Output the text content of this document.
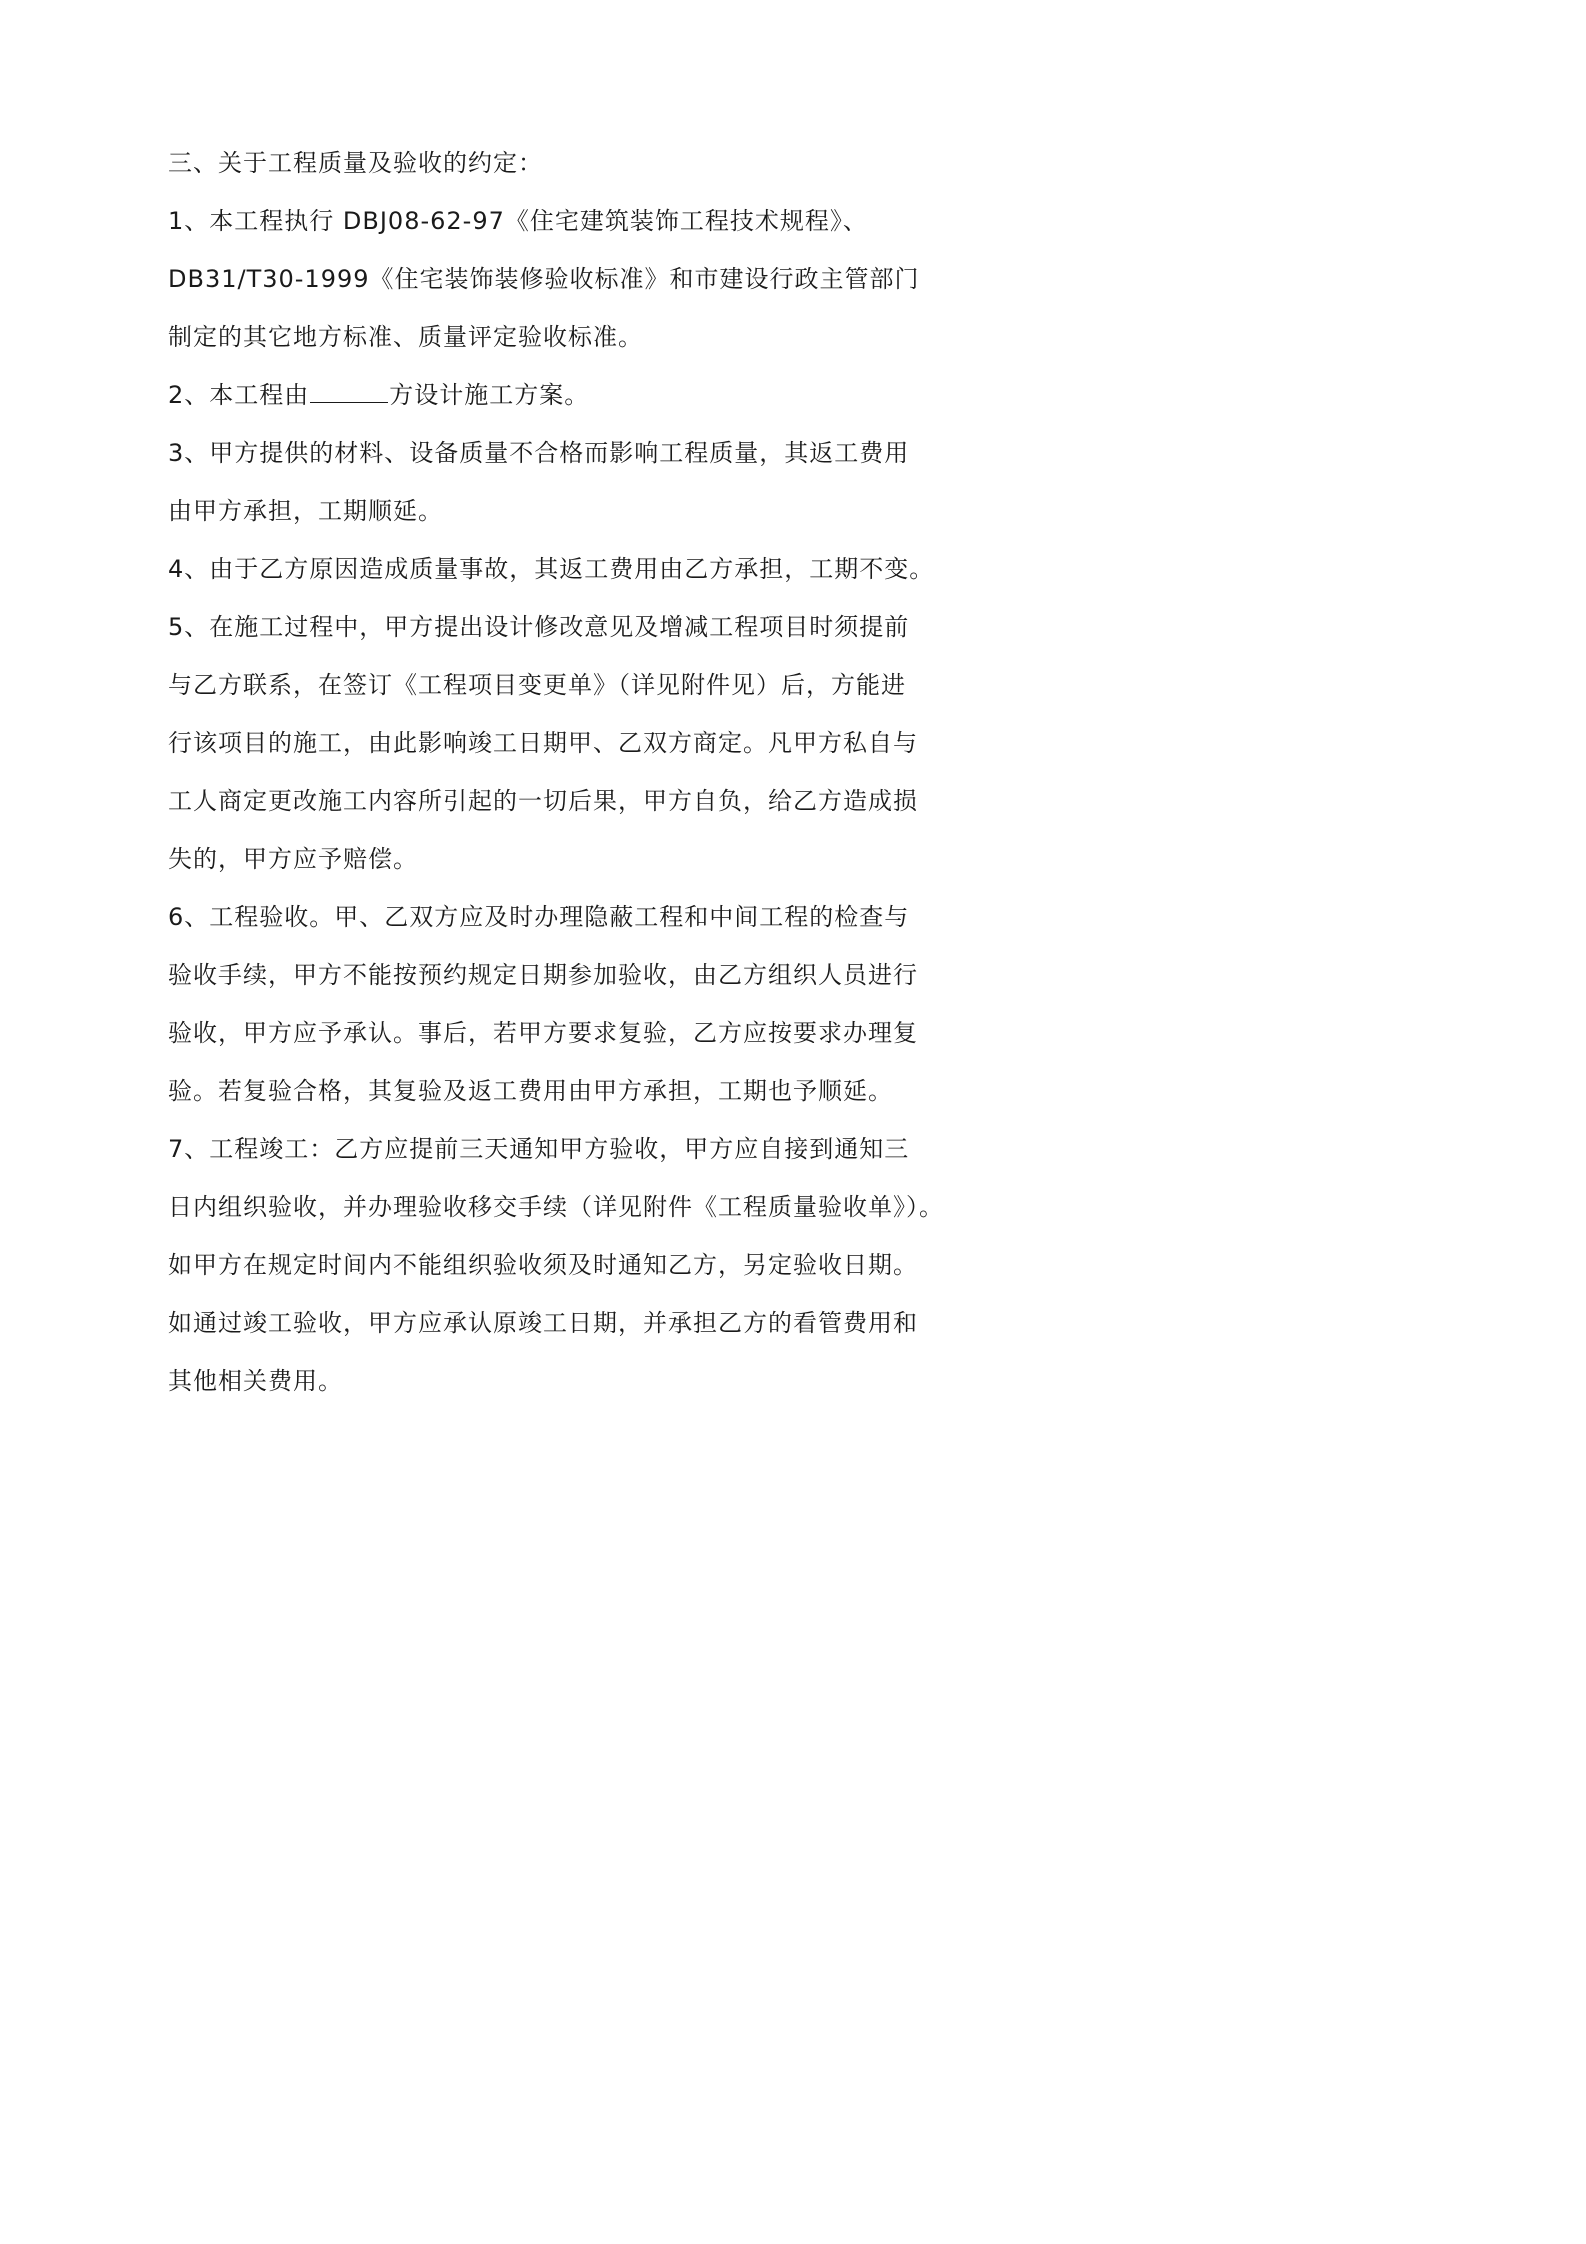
三、关于工程质量及验收的约定：
1、本工程执行 DBJ08-62-97《住宅建筑装饰工程技术规程》、
DB31/T30-1999《住宅装饰装修验收标准》和市建设行政主管部门
制定的其它地方标准、质量评定验收标准。
2、本工程由	方设计施工方案。
3、甲方提供的材料、设备质量不合格而影响工程质量，其返工费用
由甲方承担，工期顺延。
4、由于乙方原因造成质量事故，其返工费用由乙方承担，工期不变。
5、在施工过程中，甲方提出设计修改意见及增减工程项目时须提前
与乙方联系，在签订《工程项目变更单》（详见附件见）后，方能进
行该项目的施工，由此影响竣工日期甲、乙双方商定。凡甲方私自与
工人商定更改施工内容所引起的一切后果，甲方自负，给乙方造成损
失的，甲方应予赔偿。
6、工程验收。甲、乙双方应及时办理隐蔽工程和中间工程的检查与
验收手续，甲方不能按预约规定日期参加验收，由乙方组织人员进行
验收，甲方应予承认。事后，若甲方要求复验，乙方应按要求办理复
验。若复验合格，其复验及返工费用由甲方承担，工期也予顺延。
7、工程竣工：乙方应提前三天通知甲方验收，甲方应自接到通知三
日内组织验收，并办理验收移交手续（详见附件《工程质量验收单》）。
如甲方在规定时间内不能组织验收须及时通知乙方，另定验收日期。
如通过竣工验收，甲方应承认原竣工日期，并承担乙方的看管费用和
其他相关费用。
